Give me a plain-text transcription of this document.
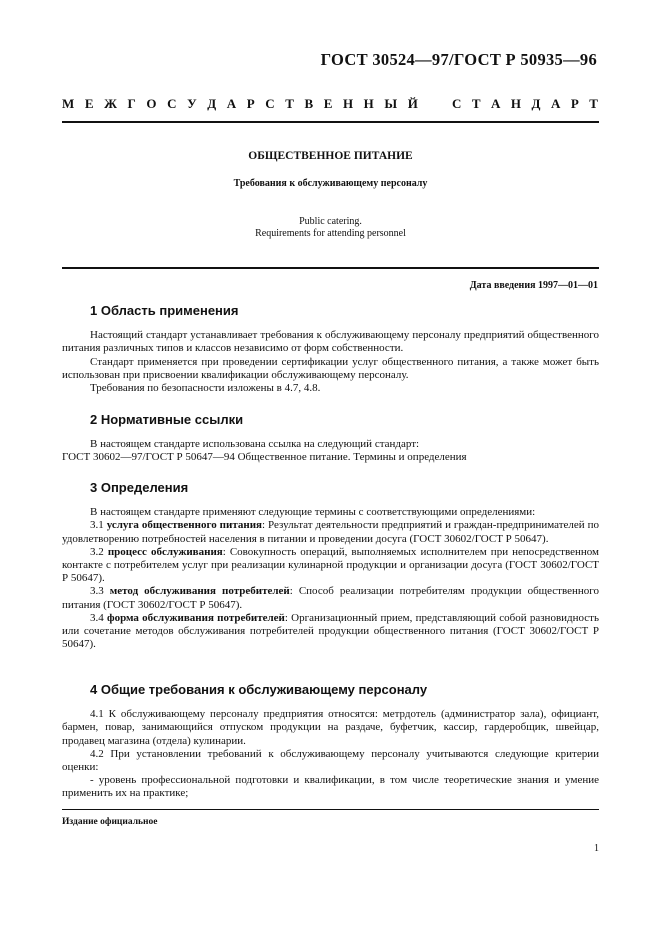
ГОСТ 30524—97/ГОСТ Р 50935—96
М Е Ж Г О С У Д А Р С Т В Е Н Н Ы Й	С Т А Н Д А Р Т
ОБЩЕСТВЕННОЕ ПИТАНИЕ
Требования к обслуживающему персоналу
Public catering.
Requirements for attending personnel
Дата введения 1997—01—01
1 Область применения

Настоящий стандарт устанавливает требования к обслуживающему персоналу предприятий общественного питания различных типов и классов независимо от форм собственности.

Стандарт применяется при проведении сертификации услуг общественного питания, а также может быть использован при присвоении квалификации обслуживающему персоналу.

Требования по безопасности изложены в 4.7, 4.8.

2 Нормативные ссылки

В настоящем стандарте использована ссылка на следующий стандарт:

ГОСТ 30602—97/ГОСТ Р 50647—94 Общественное питание. Термины и определения

3 Определения

В настоящем стандарте применяют следующие термины с соответствующими определениями:

3.1 услуга общественного питания: Результат деятельности предприятий и граждан-предпринимателей по удовлетворению потребностей населения в питании и проведении досуга (ГОСТ 30602/ГОСТ Р 50647).

3.2 процесс обслуживания: Совокупность операций, выполняемых исполнителем при непосредственном контакте с потребителем услуг при реализации кулинарной продукции и организации досуга (ГОСТ 30602/ГОСТ Р 50647).

3.3 метод обслуживания потребителей: Способ реализации потребителям продукции общественного питания (ГОСТ 30602/ГОСТ Р 50647).

3.4 форма обслуживания потребителей: Организационный прием, представляющий собой разновидность или сочетание методов обслуживания потребителей продукции общественного питания (ГОСТ 30602/ГОСТ Р 50647).

4 Общие требования к обслуживающему персоналу

4.1 К обслуживающему персоналу предприятия относятся: метрдотель (администратор зала), официант, бармен, повар, занимающийся отпуском продукции на раздаче, буфетчик, кассир, гардеробщик, швейцар, продавец магазина (отдела) кулинарии.

4.2 При установлении требований к обслуживающему персоналу учитываются следующие критерии оценки:

- уровень профессиональной подготовки и квалификации, в том числе теоретические знания и умение применить их на практике;

Издание официальное
1
